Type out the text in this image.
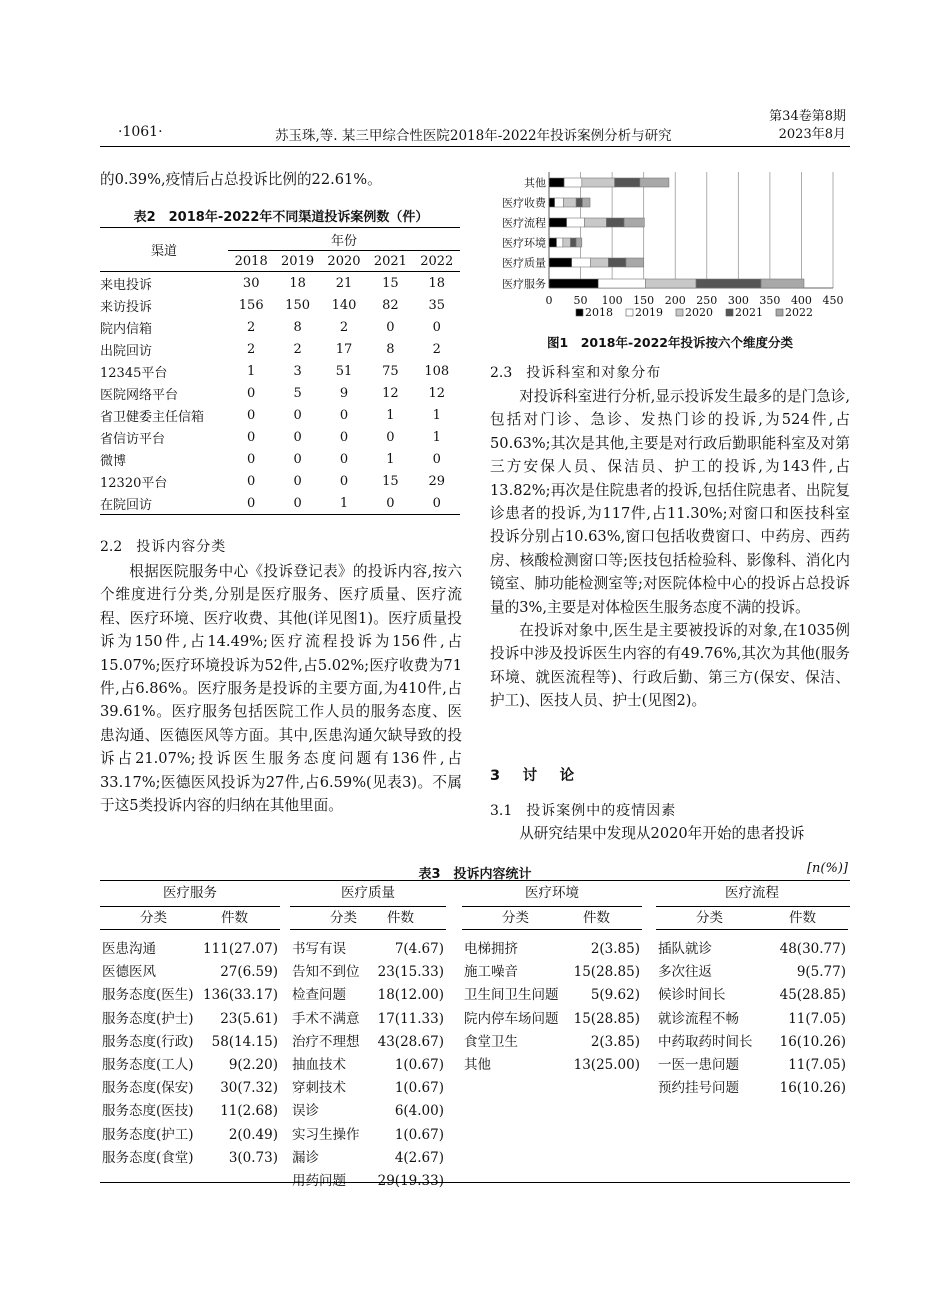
·1061·	苏玉珠,等. 某三甲综合性医院2018年-2022年投诉案例分析与研究
第34卷第8期
2023年8月

的0.39%,疫情后占总投诉比例的22.61%。

表2　2018年-2022年不同渠道投诉案例数（件）
渠道	年份				
	2018	2019	2020	2021	2022
来电投诉	30	18	21	15	18
来访投诉	156	150	140	82	35
院内信箱	2	8	2	0	0
出院回访	2	2	17	8	2
12345平台	1	3	51	75	108
医院网络平台	0	5	9	12	12
省卫健委主任信箱	0	0	0	1	1
省信访平台	0	0	0	0	1
微博	0	0	0	1	0
12320平台	0	0	0	15	29
在院回访	0	0	1	0	0
2.2 投诉内容分类

根据医院服务中心《投诉登记表》的投诉内容,按六个维度进行分类,分别是医疗服务、医疗质量、医疗流程、医疗环境、医疗收费、其他(详见图1)。医疗质量投诉为150件,占14.49%;医疗流程投诉为156件,占15.07%;医疗环境投诉为52件,占5.02%;医疗收费为71件,占6.86%。医疗服务是投诉的主要方面,为410件,占39.61%。医疗服务包括医院工作人员的服务态度、医患沟通、医德医风等方面。其中,医患沟通欠缺导致的投诉占21.07%;投诉医生服务态度问题有136件,占33.17%;医德医风投诉为27件,占6.59%(见表3)。不属于这5类投诉内容的归纳在其他里面。

0 50 100 150 200 250 300 350 400 450
医疗服务
医疗质量
医疗环境
医疗流程
医疗收费
其他
2018 2019 2020 2021 2022
图1　2018年-2022年投诉按六个维度分类
2.3 投诉科室和对象分布

对投诉科室进行分析,显示投诉发生最多的是门急诊,包括对门诊、急诊、发热门诊的投诉,为524件,占50.63%;其次是其他,主要是对行政后勤职能科室及对第三方安保人员、保洁员、护工的投诉,为143件,占13.82%;再次是住院患者的投诉,包括住院患者、出院复诊患者的投诉,为117件,占11.30%;对窗口和医技科室投诉分别占10.63%,窗口包括收费窗口、中药房、西药房、核酸检测窗口等;医技包括检验科、影像科、消化内镜室、肺功能检测室等;对医院体检中心的投诉占总投诉量的3%,主要是对体检医生服务态度不满的投诉。

在投诉对象中,医生是主要被投诉的对象,在1035例投诉中涉及投诉医生内容的有49.76%,其次为其他(服务环境、就医流程等)、行政后勤、第三方(保安、保洁、护工)、医技人员、护士(见图2)。

3　讨　论
3.1 投诉案例中的疫情因素

从研究结果中发现从2020年开始的患者投诉

表3　投诉内容统计	[n(%)]
医疗服务
分类	件数
医患沟通	111(27.07)
医德医风	27(6.59)
服务态度(医生) 136(33.17)
服务态度(护士) 23(5.61)
服务态度(行政) 58(14.15)
服务态度(工人)	9(2.20)
服务态度(保安) 30(7.32)
服务态度(医技) 11(2.68)
服务态度(护工)	2(0.49)
服务态度(食堂)	3(0.73)
医疗质量
分类 件数
书写有误	7(4.67)
告知不到位 23(15.33)
检查问题 18(12.00)
手术不满意 17(11.33)
治疗不理想 43(28.67)
抽血技术	1(0.67)
穿刺技术	1(0.67)
误诊	6(4.00)
实习生操作	1(0.67)
漏诊	4(2.67)
用药问题 29(19.33)
医疗环境
分类	件数
电梯拥挤	2(3.85)
施工噪音	15(28.85)
卫生间卫生问题 5(9.62)
院内停车场问题 15(28.85)
食堂卫生	2(3.85)
其他	13(25.00)
医疗流程
分类	件数
插队就诊	48(30.77)
多次往返	9(5.77)
候诊时间长	45(28.85)
就诊流程不畅	11(7.05)
中药取药时间长 16(10.26)
一医一患问题	11(7.05)
预约挂号问题	16(10.26)
